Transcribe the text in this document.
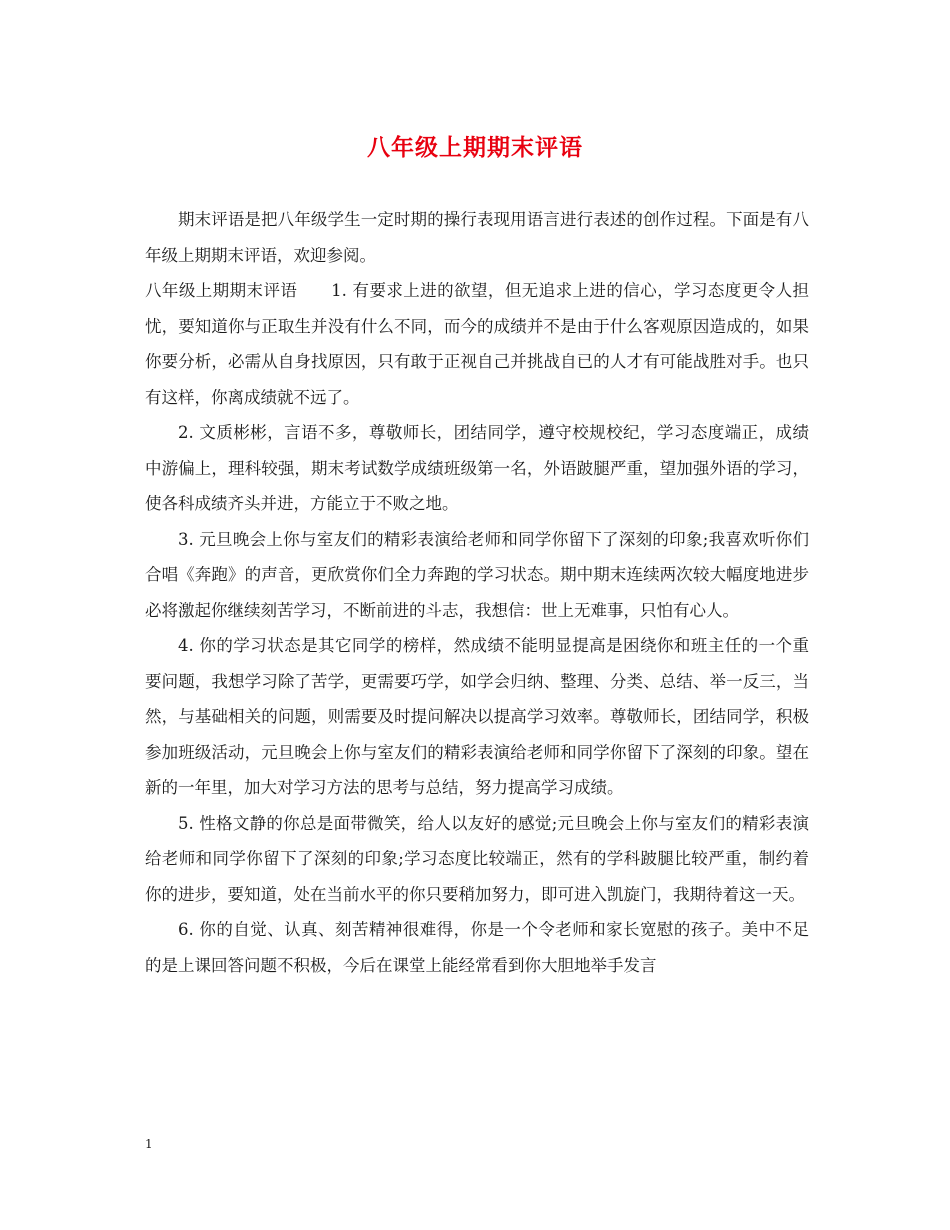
八年级上期期末评语

期末评语是把八年级学生一定时期的操行表现用语言进行表述的创作过程。下面是有八年级上期期末评语，欢迎参阅。

八年级上期期末评语　　1. 有要求上进的欲望，但无追求上进的信心，学习态度更令人担忧，要知道你与正取生并没有什么不同，而今的成绩并不是由于什么客观原因造成的，如果你要分析，必需从自身找原因，只有敢于正视自己并挑战自已的人才有可能战胜对手。也只有这样，你离成绩就不远了。

2. 文质彬彬，言语不多，尊敬师长，团结同学，遵守校规校纪，学习态度端正，成绩中游偏上，理科较强，期末考试数学成绩班级第一名，外语跛腿严重，望加强外语的学习，使各科成绩齐头并进，方能立于不败之地。

3. 元旦晚会上你与室友们的精彩表演给老师和同学你留下了深刻的印象;我喜欢听你们合唱《奔跑》的声音，更欣赏你们全力奔跑的学习状态。期中期末连续两次较大幅度地进步必将激起你继续刻苦学习，不断前进的斗志，我想信：世上无难事，只怕有心人。

4. 你的学习状态是其它同学的榜样，然成绩不能明显提高是困绕你和班主任的一个重要问题，我想学习除了苦学，更需要巧学，如学会归纳、整理、分类、总结、举一反三，当然，与基础相关的问题，则需要及时提问解决以提高学习效率。尊敬师长，团结同学，积极参加班级活动，元旦晚会上你与室友们的精彩表演给老师和同学你留下了深刻的印象。望在新的一年里，加大对学习方法的思考与总结，努力提高学习成绩。

5. 性格文静的你总是面带微笑，给人以友好的感觉;元旦晚会上你与室友们的精彩表演给老师和同学你留下了深刻的印象;学习态度比较端正，然有的学科跛腿比较严重，制约着你的进步，要知道，处在当前水平的你只要稍加努力，即可进入凯旋门，我期待着这一天。

6. 你的自觉、认真、刻苦精神很难得，你是一个令老师和家长宽慰的孩子。美中不足的是上课回答问题不积极，今后在课堂上能经常看到你大胆地举手发言

1
